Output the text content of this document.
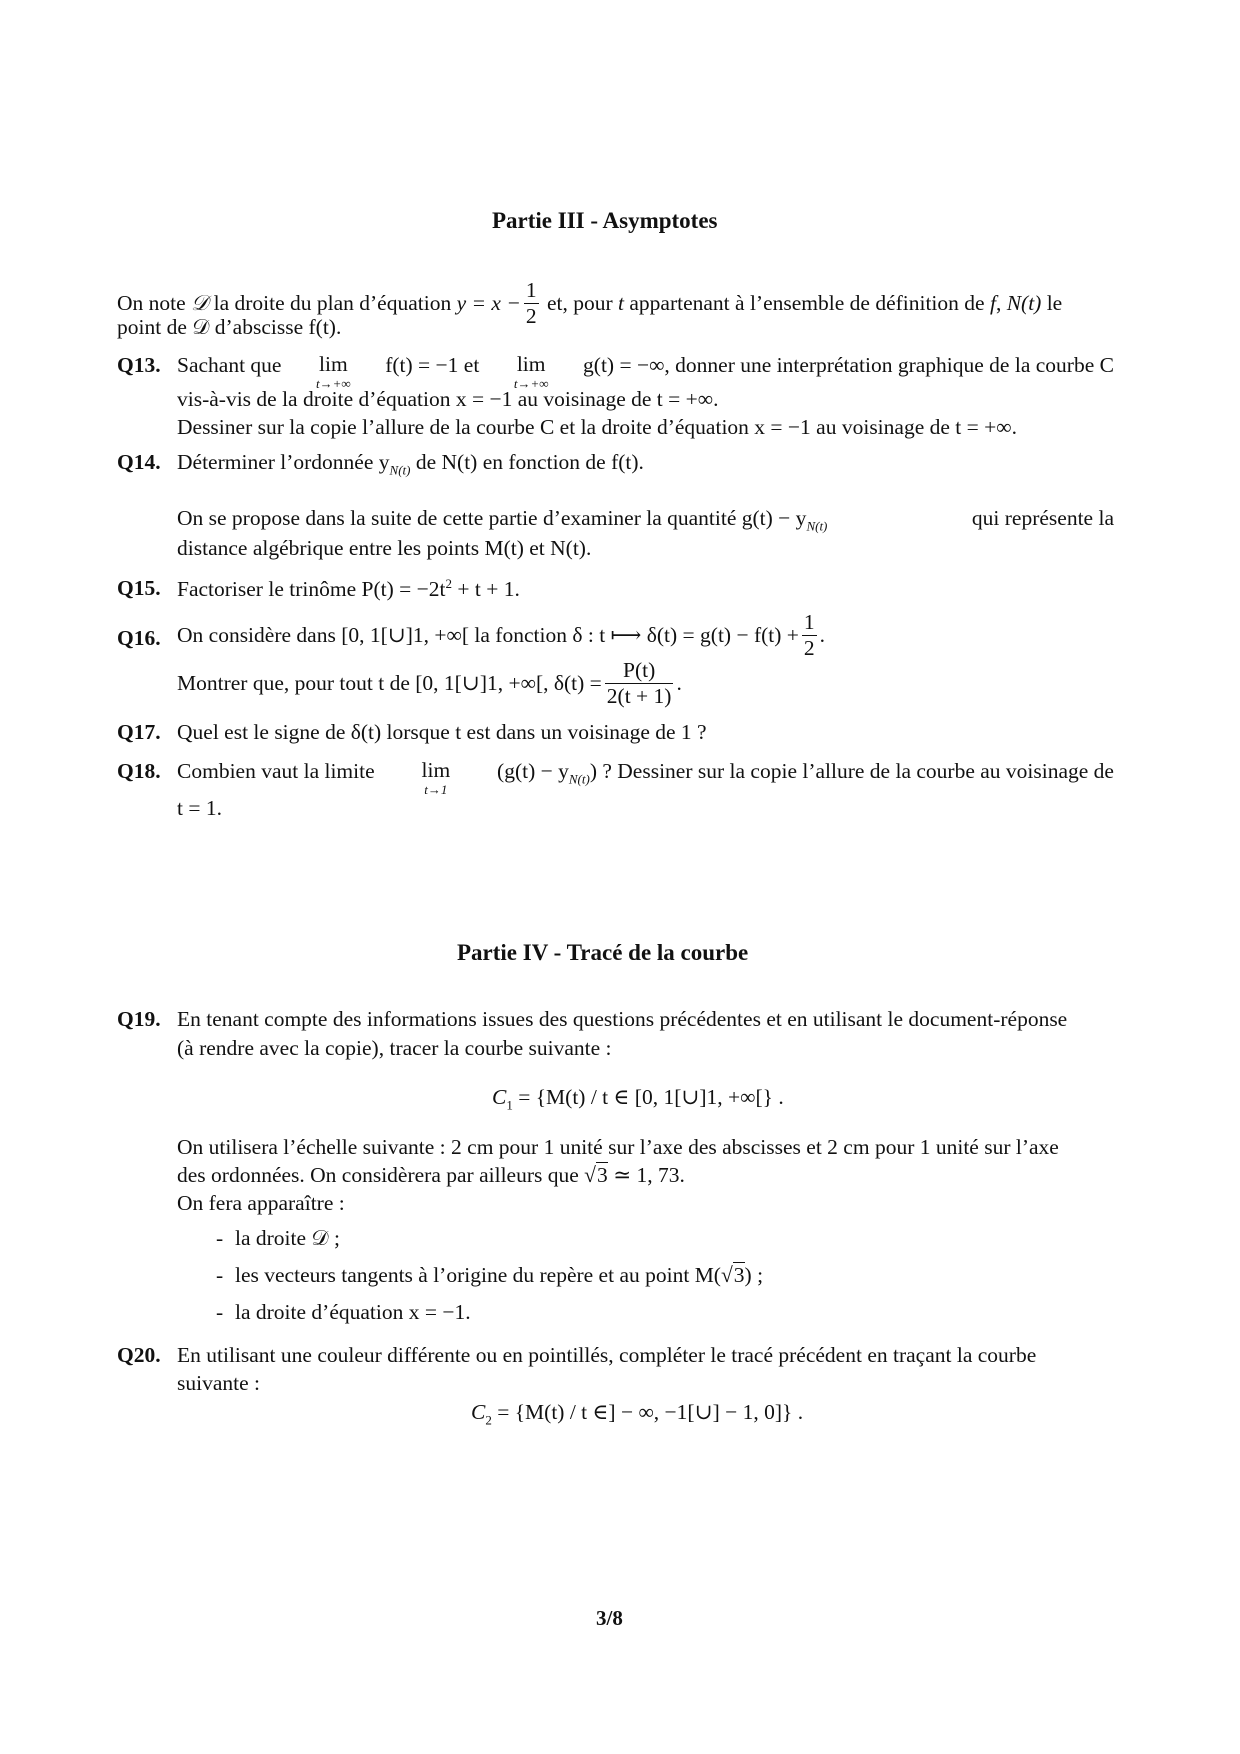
Partie III - Asymptotes
On note 𝒟 la droite du plan d’équation $y = x - \frac{1}{2}$ et, pour t appartenant à l’ensemble de définition de f, N(t) le
point de 𝒟 d’abscisse f(t).
Q13. Sachant que lim
t→+∞
f(t) = −1 et lim
t→+∞
g(t) = −∞, donner une interprétation graphique de la courbe C
vis-à-vis de la droite d’équation x = −1 au voisinage de t = +∞.
Dessiner sur la copie l’allure de la courbe C et la droite d’équation x = −1 au voisinage de t = +∞.
Q14. Déterminer l’ordonnée $y_{N(t)}$ de N(t) en fonction de f(t).
On se propose dans la suite de cette partie d’examiner la quantité $g(t) - y_{N(t)}$	qui représente la
distance algébrique entre les points M(t) et N(t).
Q15. Factoriser le trinôme $P(t) = -2t^2 + t + 1$.
Q16. On considère dans [0, 1[∪]1, +∞[ la fonction δ : t ⟼ $\delta(t) = g(t) - f(t) + \frac{1}{2}$ .
Montrer que, pour tout t de [0, 1[∪]1, +∞[, $\delta(t) = \frac{P(t)}{2(t + 1)}$ .
Q17. Quel est le signe de δ(t) lorsque t est dans un voisinage de 1 ?
Q18. Combien vaut la limite lim
t→1
$(g(t) - y_{N(t)})$ ? Dessiner sur la copie l’allure de la courbe au voisinage de
t = 1.
Partie IV - Tracé de la courbe
Q19. En tenant compte des informations issues des questions précédentes et en utilisant le document-réponse
(à rendre avec la copie), tracer la courbe suivante :
$C_1 = \{M(t) / t$ ∈ [0, 1[∪]1, +∞[} .
On utilisera l’échelle suivante : 2 cm pour 1 unité sur l’axe des abscisses et 2 cm pour 1 unité sur l’axe
des ordonnées. On considèrera par ailleurs que √3 ≃ 1, 73.
On fera apparaître :
- la droite 𝒟 ;
- les vecteurs tangents à l’origine du repère et au point M(√3) ;
- la droite d’équation x = −1.
Q20. En utilisant une couleur différente ou en pointillés, compléter le tracé précédent en traçant la courbe
suivante :
$C_2 = \{M(t) / t$ ∈] − ∞, −1[∪] − 1, 0]} .
3/8
